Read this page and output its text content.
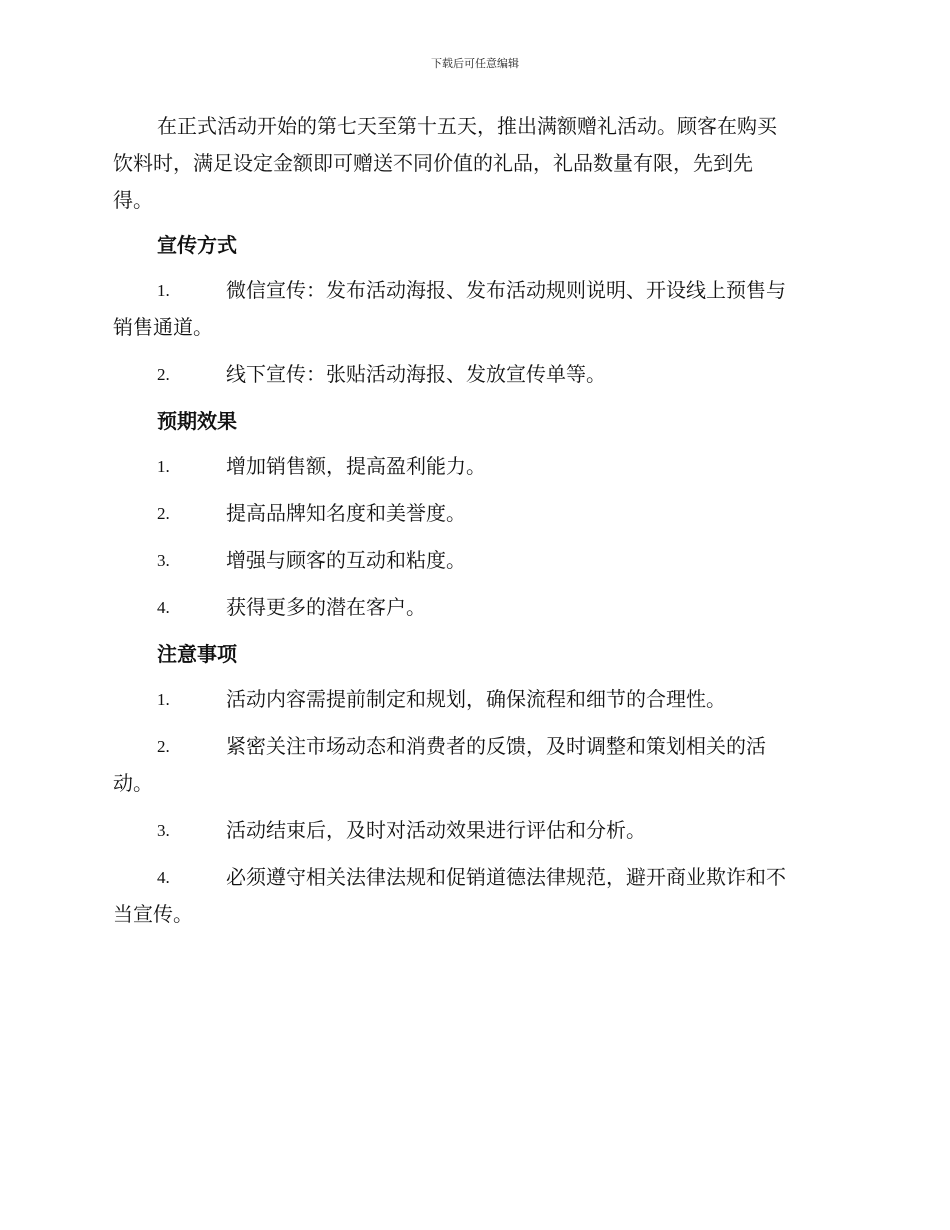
下载后可任意编辑

在正式活动开始的第七天至第十五天，推出满额赠礼活动。顾客在购买
饮料时，满足设定金额即可赠送不同价值的礼品，礼品数量有限，先到先
得。

宣传方式
1.	微信宣传：发布活动海报、发布活动规则说明、开设线上预售与
销售通道。
2.	线下宣传：张贴活动海报、发放宣传单等。
预期效果
1.	增加销售额，提高盈利能力。
2.	提高品牌知名度和美誉度。
3.	增强与顾客的互动和粘度。
4.	获得更多的潜在客户。
注意事项
1.	活动内容需提前制定和规划，确保流程和细节的合理性。
2.	紧密关注市场动态和消费者的反馈，及时调整和策划相关的活
动。
3.	活动结束后，及时对活动效果进行评估和分析。
4.	必须遵守相关法律法规和促销道德法律规范，避开商业欺诈和不
当宣传。
